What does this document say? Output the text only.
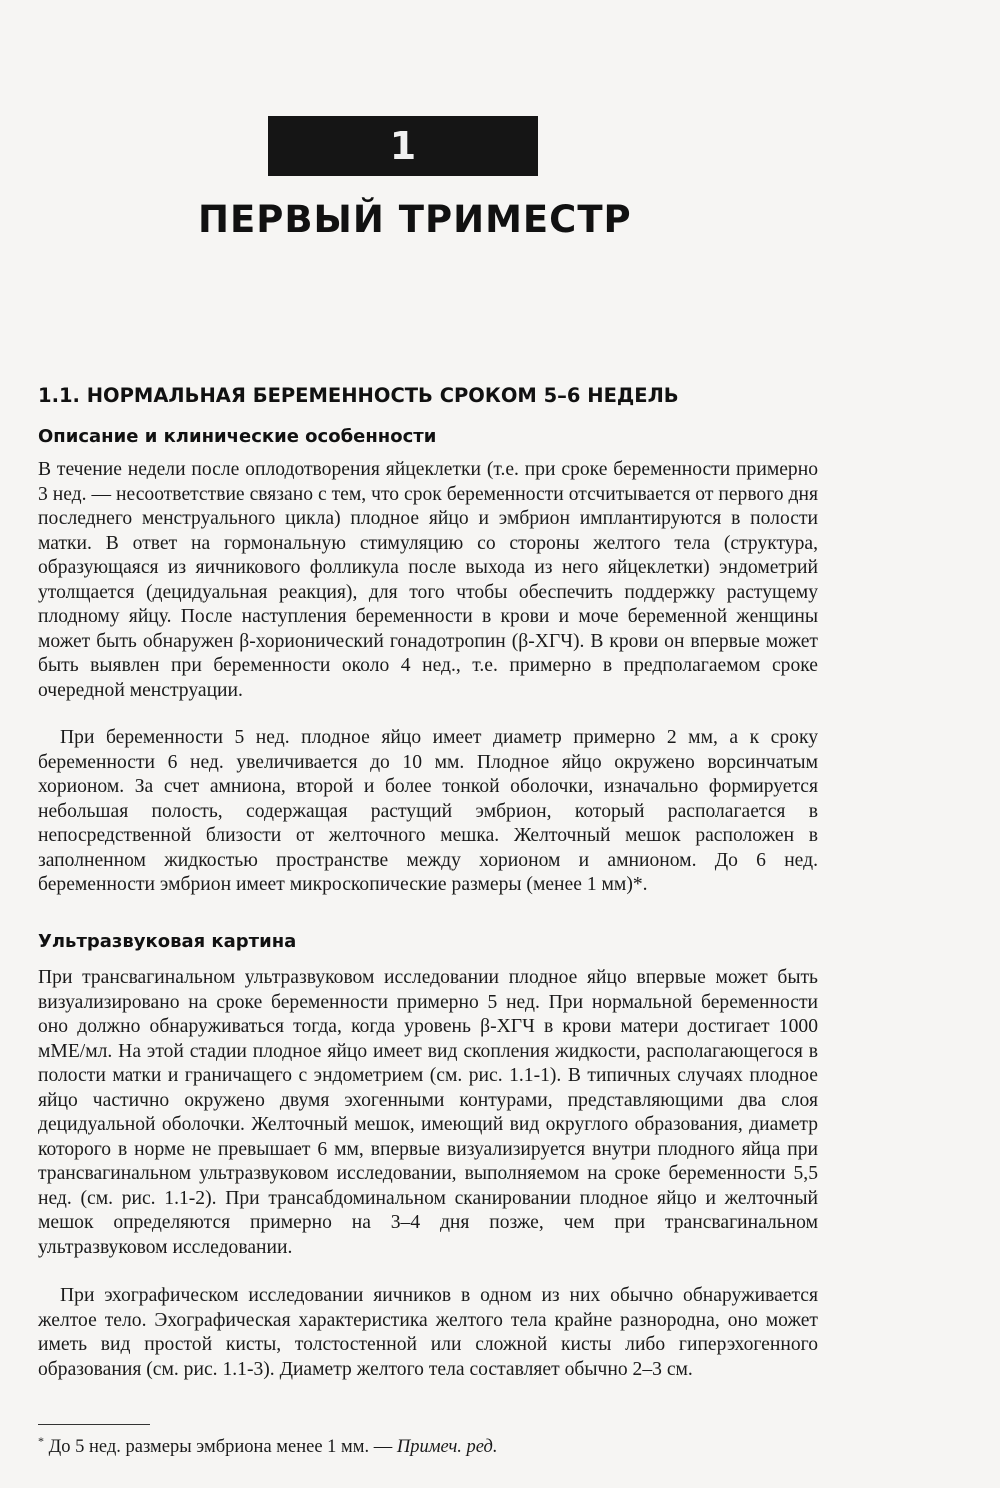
1
ПЕРВЫЙ ТРИМЕСТР
1.1. НОРМАЛЬНАЯ БЕРЕМЕННОСТЬ СРОКОМ 5–6 НЕДЕЛЬ
Описание и клинические особенности

В течение недели после оплодотворения яйцеклетки (т.е. при сроке беременности примерно 3 нед. — несоответствие связано с тем, что срок беременности отсчитывается от первого дня последнего менструального цикла) плодное яйцо и эмбрион имплантируются в полости матки. В ответ на гормональную стимуляцию со стороны желтого тела (структура, образующаяся из яичникового фолликула после выхода из него яйцеклетки) эндометрий утолщается (децидуальная реакция), для того чтобы обеспечить поддержку растущему плодному яйцу. После наступления беременности в крови и моче беременной женщины может быть обнаружен β-хорионический гонадотропин (β-ХГЧ). В крови он впервые может быть выявлен при беременности около 4 нед., т.е. примерно в предполагаемом сроке очередной менструации.

При беременности 5 нед. плодное яйцо имеет диаметр примерно 2 мм, а к сроку беременности 6 нед. увеличивается до 10 мм. Плодное яйцо окружено ворсинчатым хорионом. За счет амниона, второй и более тонкой оболочки, изначально формируется небольшая полость, содержащая растущий эмбрион, который располагается в непосредственной близости от желточного мешка. Желточный мешок расположен в заполненном жидкостью пространстве между хорионом и амнионом. До 6 нед. беременности эмбрион имеет микроскопические размеры (менее 1 мм)*.

Ультразвуковая картина

При трансвагинальном ультразвуковом исследовании плодное яйцо впервые может быть визуализировано на сроке беременности примерно 5 нед. При нормальной беременности оно должно обнаруживаться тогда, когда уровень β-ХГЧ в крови матери достигает 1000 мМЕ/мл. На этой стадии плодное яйцо имеет вид скопления жидкости, располагающегося в полости матки и граничащего с эндометрием (см. рис. 1.1-1). В типичных случаях плодное яйцо частично окружено двумя эхогенными контурами, представляющими два слоя децидуальной оболочки. Желточный мешок, имеющий вид округлого образования, диаметр которого в норме не превышает 6 мм, впервые визуализируется внутри плодного яйца при трансвагинальном ультразвуковом исследовании, выполняемом на сроке беременности 5,5 нед. (см. рис. 1.1-2). При трансабдоминальном сканировании плодное яйцо и желточный мешок определяются примерно на 3–4 дня позже, чем при трансвагинальном ультразвуковом исследовании.

При эхографическом исследовании яичников в одном из них обычно обнаруживается желтое тело. Эхографическая характеристика желтого тела крайне разнородна, оно может иметь вид простой кисты, толстостенной или сложной кисты либо гиперэхогенного образования (см. рис. 1.1-3). Диаметр желтого тела составляет обычно 2–3 см.

* До 5 нед. размеры эмбриона менее 1 мм. — Примеч. ред.
